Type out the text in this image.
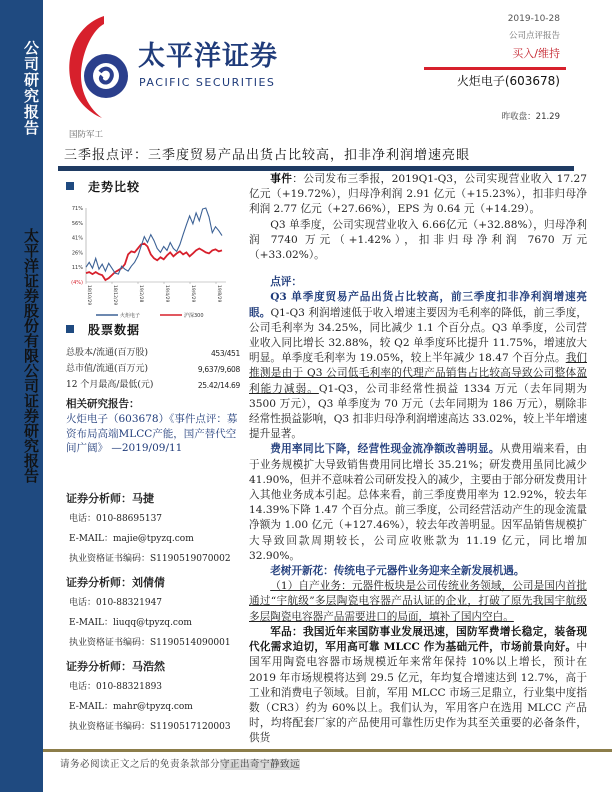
公司研究报告
太平洋证券股份有限公司证券研究报告
太平洋证券
PACIFIC SECURITIES
2019-10-28
公司点评报告
买入/维持
火炬电子(603678)
昨收盘：21.29
国防军工
三季报点评：三季度贸易产品出货占比较高，扣非净利润增速亮眼
走势比较
71%
56%
41%
26%
11%
(4%)
18/10/29	18/12/29	19/2/28	19/4/29	19/6/29	19/8/29
火炬电子	沪深300
股票数据
总股本/流通(百万股)	453/451
总市值/流通(百万元)	9,637/9,608
12 个月最高/最低(元)	25.42/14.69
相关研究报告：
火炬电子（603678）《事件点评：募资布局高端MLCC产能，国产替代空间广阔》 —2019/09/11
证券分析师：马捷
电话：010-88695137
E-MAIL：majie@tpyzq.com
执业资格证书编码：S1190519070002
证券分析师：刘倩倩
电话：010-88321947
E-MAIL：liuqq@tpyzq.com
执业资格证书编码：S1190514090001
证券分析师：马浩然
电话：010-88321893
E-MAIL：mahr@tpyzq.com
执业资格证书编码：S1190517120003

事件：公司发布三季报，2019Q1-Q3，公司实现营业收入 17.27 亿元（+19.72%），归母净利润 2.91 亿元（+15.23%），扣非归母净利润 2.77 亿元（+27.66%），EPS 为 0.64 元（+14.29）。

Q3 单季度，公司实现营业收入 6.66亿元（+32.88%），归母净利润 7740 万元（+1.42%），扣非归母净利润 7670 万元（+33.02%）。

点评：

Q3 单季度贸易产品出货占比较高，前三季度扣非净利润增速亮眼。Q1-Q3 利润增速低于收入增速主要因为毛利率的降低，前三季度，公司毛利率为 34.25%，同比减少 1.1 个百分点。Q3 单季度，公司营业收入同比增长 32.88%，较 Q2 单季度环比提升 11.75%，增速放大明显。单季度毛利率为 19.05%，较上半年减少 18.47 个百分点。我们推测是由于 Q3 公司低毛利率的代理产品销售占比较高导致公司整体盈利能力减弱。Q1-Q3，公司非经常性损益 1334 万元（去年同期为 3500 万元），Q3 单季度为 70 万元（去年同期为 186 万元），剔除非经常性损益影响，Q3 扣非归母净利润增速高达 33.02%，较上半年增速提升显著。

费用率同比下降，经营性现金流净额改善明显。从费用端来看，由于业务规模扩大导致销售费用同比增长 35.21%；研发费用虽同比减少 41.90%，但并不意味着公司研发投入的减少，主要由于部分研发费用计入其他业务成本引起。总体来看，前三季度费用率为 12.92%，较去年 14.39%下降 1.47 个百分点。前三季度，公司经营活动产生的现金流量净额为 1.00 亿元（+127.46%），较去年改善明显。因军品销售规模扩大导致回款周期较长，公司应收账款为 11.19 亿元，同比增加 32.90%。

老树开新花：传统电子元器件业务迎来全新发展机遇。

（1）自产业务：元器件板块是公司传统业务领域，公司是国内首批通过“宇航级”多层陶瓷电容器产品认证的企业，打破了原先我国宇航级多层陶瓷电容器产品需要进口的局面，填补了国内空白。

军品：我国近年来国防事业发展迅速，国防军费增长稳定，装备现代化需求迫切，军用高可靠 MLCC 作为基础元件，市场前景向好。中国军用陶瓷电容器市场规模近年来常年保持 10%以上增长，预计在 2019 年市场规模将达到 29.5 亿元，年均复合增速达到 12.7%，高于工业和消费电子领域。目前，军用 MLCC 市场三足鼎立，行业集中度指数（CR3）约为 60%以上。我们认为，军用客户在选用 MLCC 产品时，均将配套厂家的产品使用可靠性历史作为其至关重要的必备条件，供货

请务必阅读正文之后的免责条款部分守正出奇宁静致远
